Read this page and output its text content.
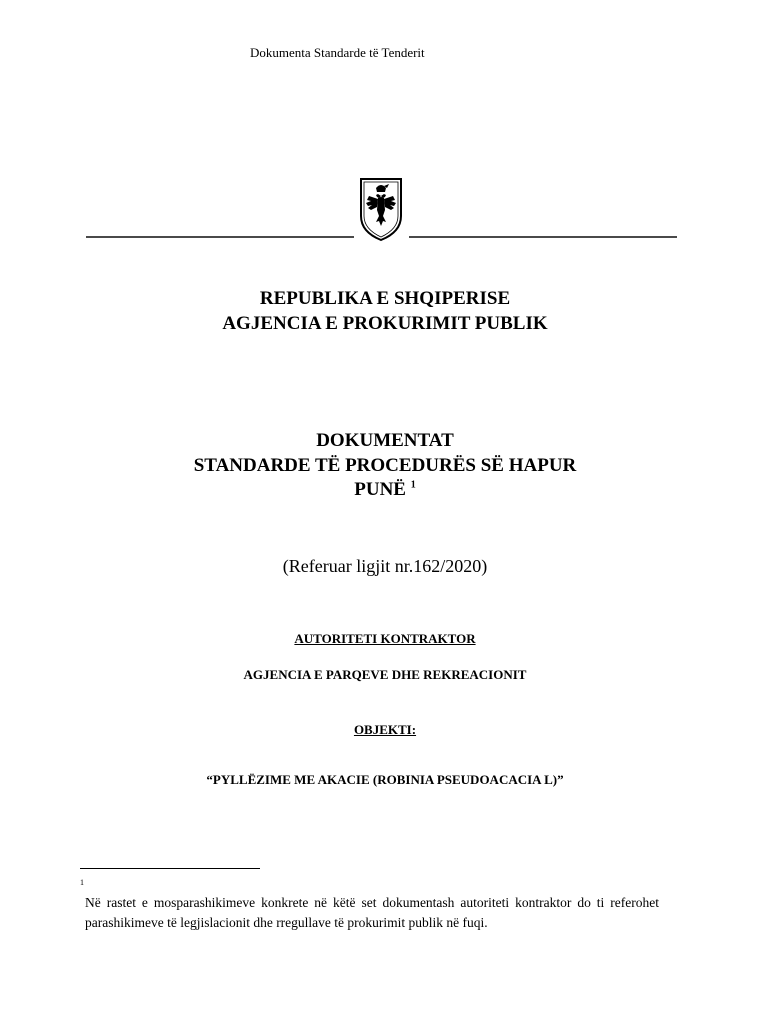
Dokumenta Standarde të Tenderit
REPUBLIKA E SHQIPERISE
AGJENCIA E PROKURIMIT PUBLIK
DOKUMENTAT
STANDARDE TË PROCEDURËS SË HAPUR
PUNË $^1$
(Referuar ligjit nr.162/2020)
AUTORITETI KONTRAKTOR
AGJENCIA E PARQEVE DHE REKREACIONIT
OBJEKTI:
“PYLLËZIME ME AKACIE (ROBINIA PSEUDOACACIA L)”
1
Në rastet e mosparashikimeve konkrete në këtë set dokumentash autoriteti kontraktor do ti referohet parashikimeve të legjislacionit dhe rregullave të prokurimit publik në fuqi.
